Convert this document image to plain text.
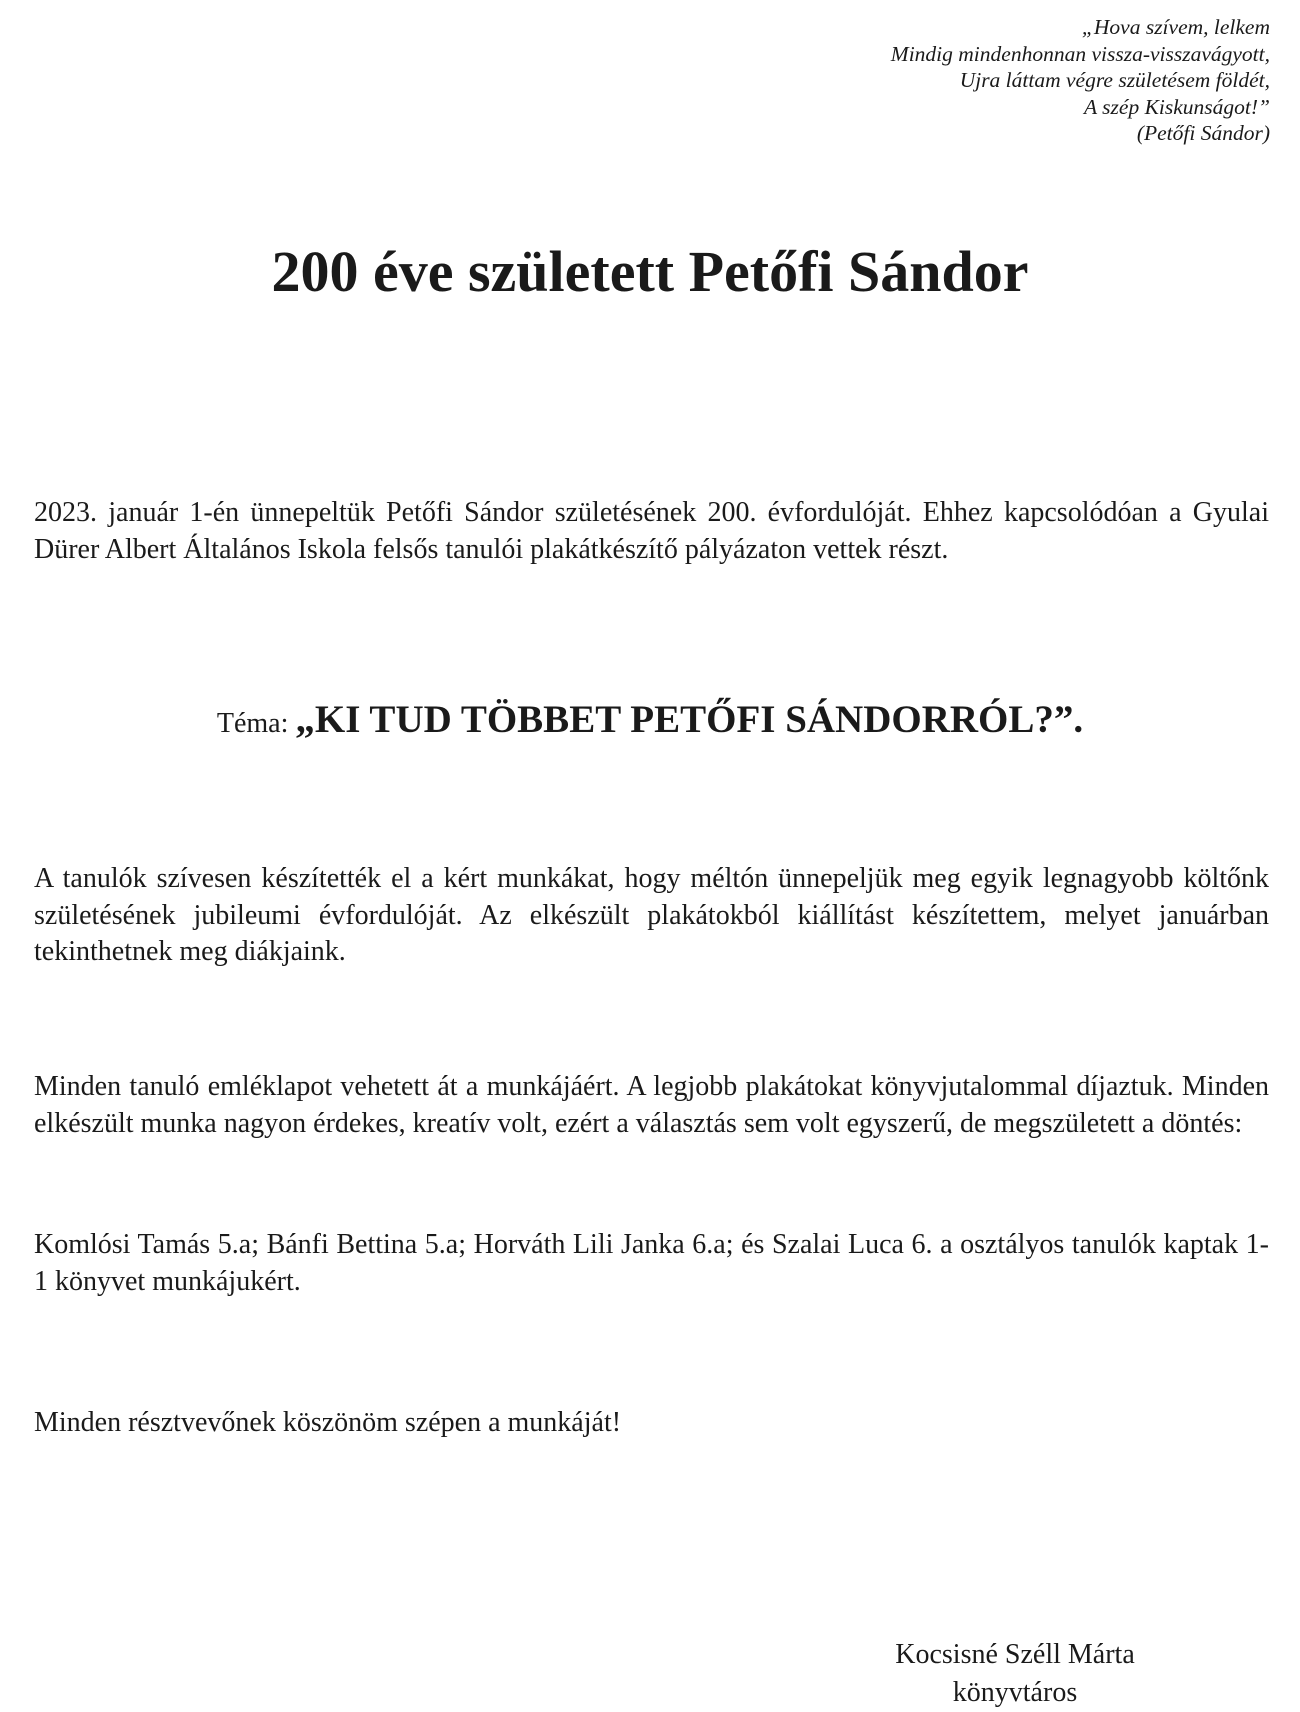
„Hova szívem, lelkem
Mindig mindenhonnan vissza-visszavágyott,
Ujra láttam végre születésem földét,
A szép Kiskunságot!”
(Petőfi Sándor)
200 éve született Petőfi Sándor

2023. január 1-én ünnepeltük Petőfi Sándor születésének 200. évfordulóját. Ehhez kapcsolódóan a Gyulai Dürer Albert Általános Iskola felsős tanulói plakátkészítő pályázaton vettek részt.

Téma: „KI TUD TÖBBET PETŐFI SÁNDORRÓL?”.

A tanulók szívesen készítették el a kért munkákat, hogy méltón ünnepeljük meg egyik legnagyobb költőnk születésének jubileumi évfordulóját. Az elkészült plakátokból kiállítást készítettem, melyet januárban tekinthetnek meg diákjaink.

Minden tanuló emléklapot vehetett át a munkájáért. A legjobb plakátokat könyvjutalommal díjaztuk. Minden elkészült munka nagyon érdekes, kreatív volt, ezért a választás sem volt egyszerű, de megszületett a döntés:

Komlósi Tamás 5.a; Bánfi Bettina 5.a; Horváth Lili Janka 6.a; és Szalai Luca 6. a osztályos tanulók kaptak 1-1 könyvet munkájukért.

Minden résztvevőnek köszönöm szépen a munkáját!

Kocsisné Széll Márta
könyvtáros
